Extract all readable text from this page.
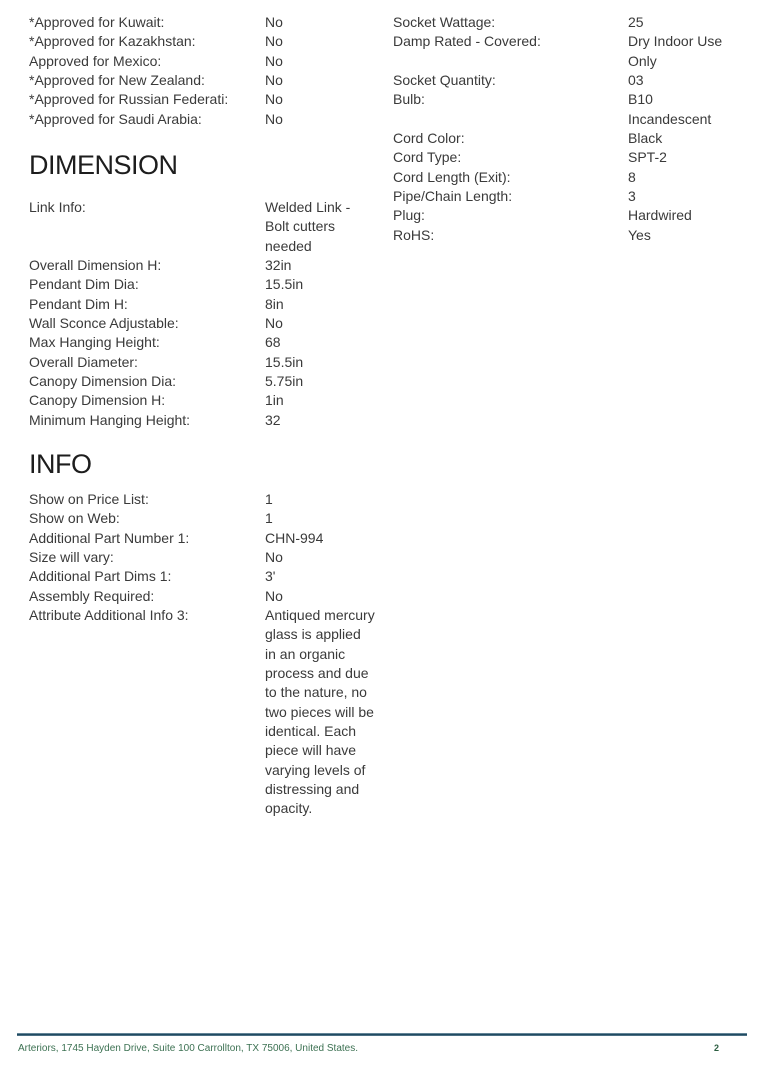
*Approved for Kuwait:	No
*Approved for Kazakhstan:	No
Approved for Mexico:	No
*Approved for New Zealand:	No
*Approved for Russian Federati:	No
*Approved for Saudi Arabia:	No
DIMENSION
Link Info:	Welded Link - Bolt cutters needed
Overall Dimension H:	32in
Pendant Dim Dia:	15.5in
Pendant Dim H:	8in
Wall Sconce Adjustable:	No
Max Hanging Height:	68
Overall Diameter:	15.5in
Canopy Dimension Dia:	5.75in
Canopy Dimension H:	1in
Minimum Hanging Height:	32
INFO
Show on Price List:	1
Show on Web:	1
Additional Part Number 1:	CHN-994
Size will vary:	No
Additional Part Dims 1:	3'
Assembly Required:	No
Attribute Additional Info 3:	Antiqued mercury glass is applied in an organic process and due to the nature, no two pieces will be identical. Each piece will have varying levels of distressing and opacity.
Socket Wattage:	25
Damp Rated - Covered:	Dry Indoor Use Only
Socket Quantity:	03
Bulb:	B10 Incandescent
Cord Color:	Black
Cord Type:	SPT-2
Cord Length (Exit):	8
Pipe/Chain Length:	3
Plug:	Hardwired
RoHS:	Yes
Arteriors, 1745 Hayden Drive, Suite 100 Carrollton, TX 75006, United States.	2
